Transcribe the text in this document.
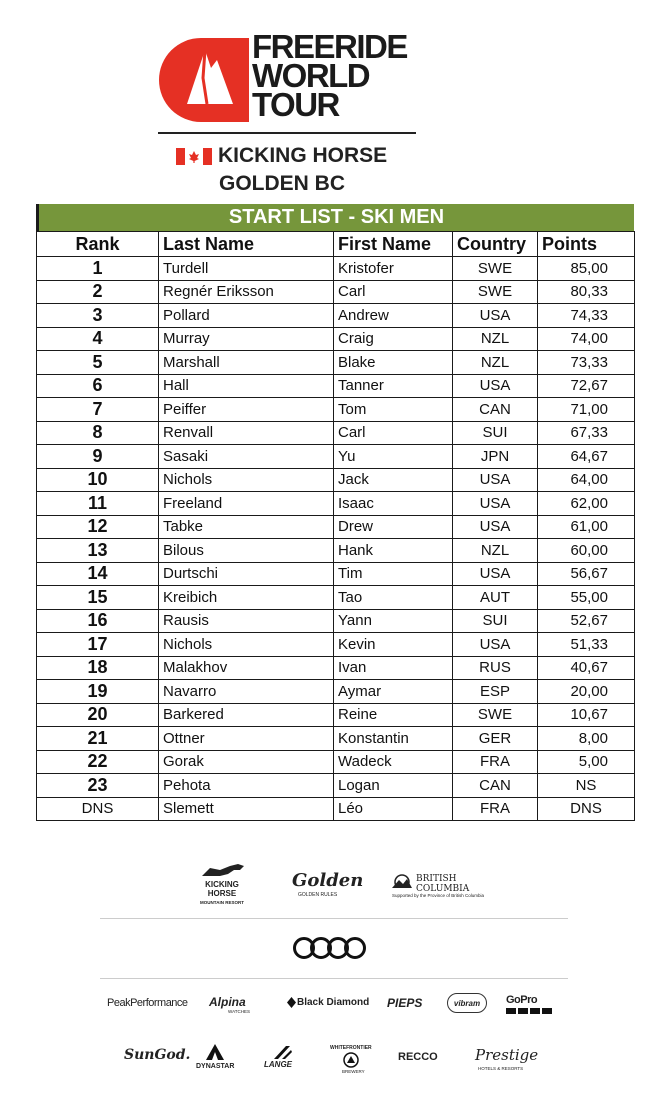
FREERIDE
WORLD
TOUR
KICKING HORSE
GOLDEN BC
START LIST - SKI MEN
Rank	Last Name	First Name	Country	Points
1	Turdell	Kristofer	SWE	85,00
2	Regnér Eriksson	Carl	SWE	80,33
3	Pollard	Andrew	USA	74,33
4	Murray	Craig	NZL	74,00
5	Marshall	Blake	NZL	73,33
6	Hall	Tanner	USA	72,67
7	Peiffer	Tom	CAN	71,00
8	Renvall	Carl	SUI	67,33
9	Sasaki	Yu	JPN	64,67
10	Nichols	Jack	USA	64,00
11	Freeland	Isaac	USA	62,00
12	Tabke	Drew	USA	61,00
13	Bilous	Hank	NZL	60,00
14	Durtschi	Tim	USA	56,67
15	Kreibich	Tao	AUT	55,00
16	Rausis	Yann	SUI	52,67
17	Nichols	Kevin	USA	51,33
18	Malakhov	Ivan	RUS	40,67
19	Navarro	Aymar	ESP	20,00
20	Barkered	Reine	SWE	10,67
21	Ottner	Konstantin	GER	8,00
22	Gorak	Wadeck	FRA	5,00
23	Pehota	Logan	CAN	NS
DNS	Slemett	Léo	FRA	DNS
KICKING
HORSE
MOUNTAIN RESORT
Golden
GOLDEN RULES
BRITISH
COLUMBIA
Supported by the Province of British Columbia
PeakPerformance Alpina
WATCHES
Black Diamond PIEPS	vibram	GoPro
SunGod.
DYNASTAR	LANGE
WHITEFRONTIER
BREWERY
RECCO Prestige
HOTELS & RESORTS
